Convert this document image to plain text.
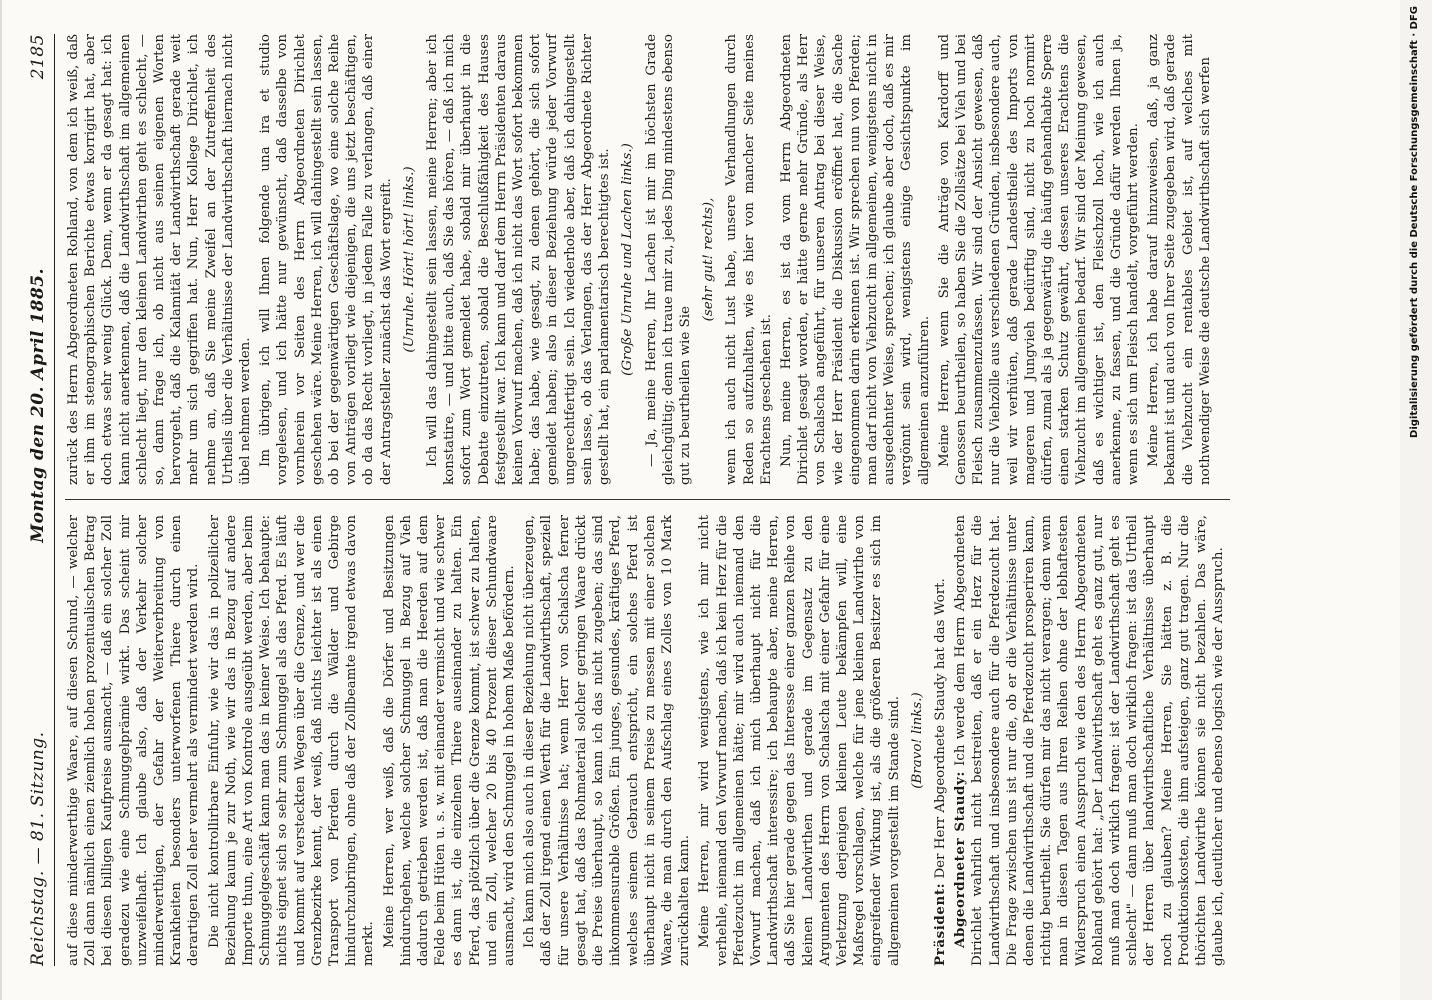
Reichstag. — 81. Sitzung.
Montag den 20. April 1885.
2185

auf diese minderwerthige Waare, auf diesen Schund, — welcher Zoll dann nämlich einen ziemlich hohen prozentualischen Betrag bei diesen billigen Kaufpreise ausmacht, — daß ein solcher Zoll geradezu wie eine Schmuggelprämie wirkt. Das scheint mir unzweifelhaft. Ich glaube also, daß der Verkehr solcher minderwerthigen, der Gefahr der Weiterverbreitung von Krankheiten besonders unterworfenen Thiere durch einen derartigen Zoll eher vermehrt als vermindert werden wird. Die nicht kontrollirbare Einfuhr, wie wir das in polizeilicher Beziehung kaum je zur Noth, wie wir das in Bezug auf andere Importe thun, eine Art von Kontrole ausgeübt werden, aber beim Schmuggelgeschäft kann man das in keiner Weise. Ich behaupte: nichts eignet sich so sehr zum Schmuggel als das Pferd. Es läuft und kommt auf versteckten Wegen über die Grenze, und wer die Grenzbezirke kennt, der weiß, daß nichts leichter ist als einen Transport von Pferden durch die Wälder und Gebirge hindurchzubringen, ohne daß der Zollbeamte irgend etwas davon merkt. Meine Herren, wer weiß, daß die Dörfer und Besitzungen hindurchgehen, welche solcher Schmuggel in Bezug auf Vieh dadurch getrieben werden ist, daß man die Heerden auf dem Felde beim Hüten u. s. w. mit einander vermischt und wie schwer es dann ist, die einzelnen Thiere auseinander zu halten. Ein Pferd, das plötzlich über die Grenze kommt, ist schwer zu halten, und ein Zoll, welcher 20 bis 40 Prozent dieser Schundwaare ausmacht, wird den Schmuggel in hohem Maße befördern. Ich kann mich also auch in dieser Beziehung nicht überzeugen, daß der Zoll irgend einen Werth für die Landwirthschaft, speziell für unsere Verhältnisse hat; wenn Herr von Schalscha ferner gesagt hat, daß das Rohmaterial solcher geringen Waare drückt die Preise überhaupt, so kann ich das nicht zugeben; das sind inkommensurable Größen. Ein junges, gesundes, kräftiges Pferd, welches seinem Gebrauch entspricht, ein solches Pferd ist überhaupt nicht in seinem Preise zu messen mit einer solchen Waare, die man durch den Aufschlag eines Zolles von 10 Mark zurückhalten kann. Meine Herren, mir wird wenigstens, wie ich mir nicht verhehle, niemand den Vorwurf machen, daß ich kein Herz für die Pferdezucht im allgemeinen hätte; mir wird auch niemand den Vorwurf machen, daß ich mich überhaupt nicht für die Landwirthschaft interessire; ich behaupte aber, meine Herren, daß Sie hier gerade gegen das Interesse einer ganzen Reihe von kleinen Landwirthen und gerade im Gegensatz zu den Argumenten des Herrn von Schalscha mit einer Gefahr für eine Verletzung derjenigen kleinen Leute bekämpfen will, eine Maßregel vorschlagen, welche für jene kleinen Landwirthe von eingreifender Wirkung ist, als die größeren Besitzer es sich im allgemeinen vorgestellt im Stande sind. (Bravo! links.)

Präsident: Der Herr Abgeordnete Staudy hat das Wort. Abgeordneter Staudy: Ich werde dem Herrn Abgeordneten Dirichlet wahrlich nicht bestreiten, daß er ein Herz für die Landwirthschaft und insbesondere auch für die Pferdezucht hat. Die Frage zwischen uns ist nur die, ob er die Verhältnisse unter denen die Landwirthschaft und die Pferdezucht prosperiren kann, richtig beurtheilt. Sie dürfen mir das nicht verargen; denn wenn man in diesen Tagen aus Ihren Reihen ohne der lebhaftesten Widerspruch einen Ausspruch wie den des Herrn Abgeordneten Rohland gehört hat: „Der Landwirthschaft geht es ganz gut, nur muß man doch wirklich fragen: ist der Landwirthschaft geht es schlecht" — dann muß man doch wirklich fragen: ist das Urtheil der Herren über landwirthschaftliche Verhältnisse überhaupt noch zu glauben? Meine Herren, Sie hätten z. B. die Produktionskosten, die ihm aufsteigen, ganz gut tragen. Nur die thörichten Landwirthe können sie nicht bezahlen. Das wäre, glaube ich, deutlicher und ebenso logisch wie der Ausspruch.

zurück des Herrn Abgeordneten Rohland, von dem ich weiß, daß er ihm im stenographischen Berichte etwas korrigirt hat, aber doch etwas sehr wenig Glück. Denn, wenn er da gesagt hat: ich kann nicht anerkennen, daß die Landwirthschaft im allgemeinen schlecht liegt, nur den kleinen Landwirthen geht es schlecht, — so, dann frage ich, ob nicht aus seinen eigenen Worten hervorgeht, daß die Kalamität der Landwirthschaft gerade weit mehr um sich gegriffen hat. Nun, Herr Kollege Dirichlet, ich nehme an, daß Sie meine Zweifel an der Zutreffenheit des Urtheils über die Verhältnisse der Landwirthschaft hiernach nicht übel nehmen werden. Im übrigen, ich will Ihnen folgende una ira et studio vorgelesen, und ich hätte nur gewünscht, daß dasselbe von vornherein vor Seiten des Herrn Abgeordneten Dirichlet geschehen wäre. Meine Herren, ich will dahingestellt sein lassen, ob bei der gegenwärtigen Geschäftslage, wo eine solche Reihe von Anträgen vorliegt wie diejenigen, die uns jetzt beschäftigen, ob da das Recht vorliegt, in jedem Falle zu verlangen, daß einer der Antragsteller zunächst das Wort ergreift. (Unruhe. Hört! hört! links.) Ich will das dahingestellt sein lassen, meine Herren; aber ich konstatire, — und bitte auch, daß Sie das hören, — daß ich mich sofort zum Wort gemeldet habe, sobald mir überhaupt in die Debatte einzutreten, sobald die Beschlußfähigkeit des Hauses festgestellt war. Ich kann und darf dem Herrn Präsidenten daraus keinen Vorwurf machen, daß ich nicht das Wort sofort bekommen habe; das habe, wie gesagt, zu denen gehört, die sich sofort gemeldet haben; also in dieser Beziehung würde jeder Vorwurf ungerechtfertigt sein. Ich wiederhole aber, daß ich dahingestellt sein lasse, ob das Verlangen, das der Herr Abgeordnete Richter gestellt hat, ein parlamentarisch berechtigtes ist. (Große Unruhe und Lachen links.) — Ja, meine Herren, Ihr Lachen ist mir im höchsten Grade gleichgültig; denn ich traue mir zu, jedes Ding mindestens ebenso gut zu beurtheilen wie Sie

(sehr gut! rechts), wenn ich auch nicht Lust habe, unsere Verhandlungen durch Reden so aufzuhalten, wie es hier von mancher Seite meines Erachtens geschehen ist. Nun, meine Herren, es ist da vom Herrn Abgeordneten Dirichlet gesagt worden, er hätte gerne mehr Gründe, als Herr von Schalscha angeführt, für unseren Antrag bei dieser Weise, wie der Herr Präsident die Diskussion eröffnet hat, die Sache eingenommen darin erkennen ist. Wir sprechen nun von Pferden; man darf nicht von Viehzucht im allgemeinen, wenigstens nicht in ausgedehnter Weise, sprechen; ich glaube aber doch, daß es mir vergönnt sein wird, wenigstens einige Gesichtspunkte im allgemeinen anzuführen. Meine Herren, wenn Sie die Anträge von Kardorff und Genossen beurtheilen, so haben Sie die Zollsätze bei Vieh und bei Fleisch zusammenzufassen. Wir sind der Ansicht gewesen, daß nur die Viehzölle aus verschiedenen Gründen, insbesondere auch, weil wir verhüten, daß gerade Landestheile des Imports von mageren und Jungvieh bedürftig sind, nicht zu hoch normirt dürfen, zumal als ja gegenwärtig die häufig gehandhabte Sperre einen starken Schutz gewährt, dessen unseres Erachtens die Viehzucht im allgemeinen bedarf. Wir sind der Meinung gewesen, daß es wichtiger ist, den Fleischzoll hoch, wie ich auch anerkenne, zu fassen, und die Gründe dafür werden Ihnen ja, wenn es sich um Fleisch handelt, vorgeführt werden. Meine Herren, ich habe darauf hinzuweisen, daß, ja ganz bekannt ist und auch von Ihrer Seite zugegeben wird, daß gerade die Viehzucht ein rentables Gebiet ist, auf welches mit nothwendiger Weise die deutsche Landwirthschaft sich werfen	Digitalisierung gefördert durch die Deutsche Forschungsgemeinschaft · DFG
